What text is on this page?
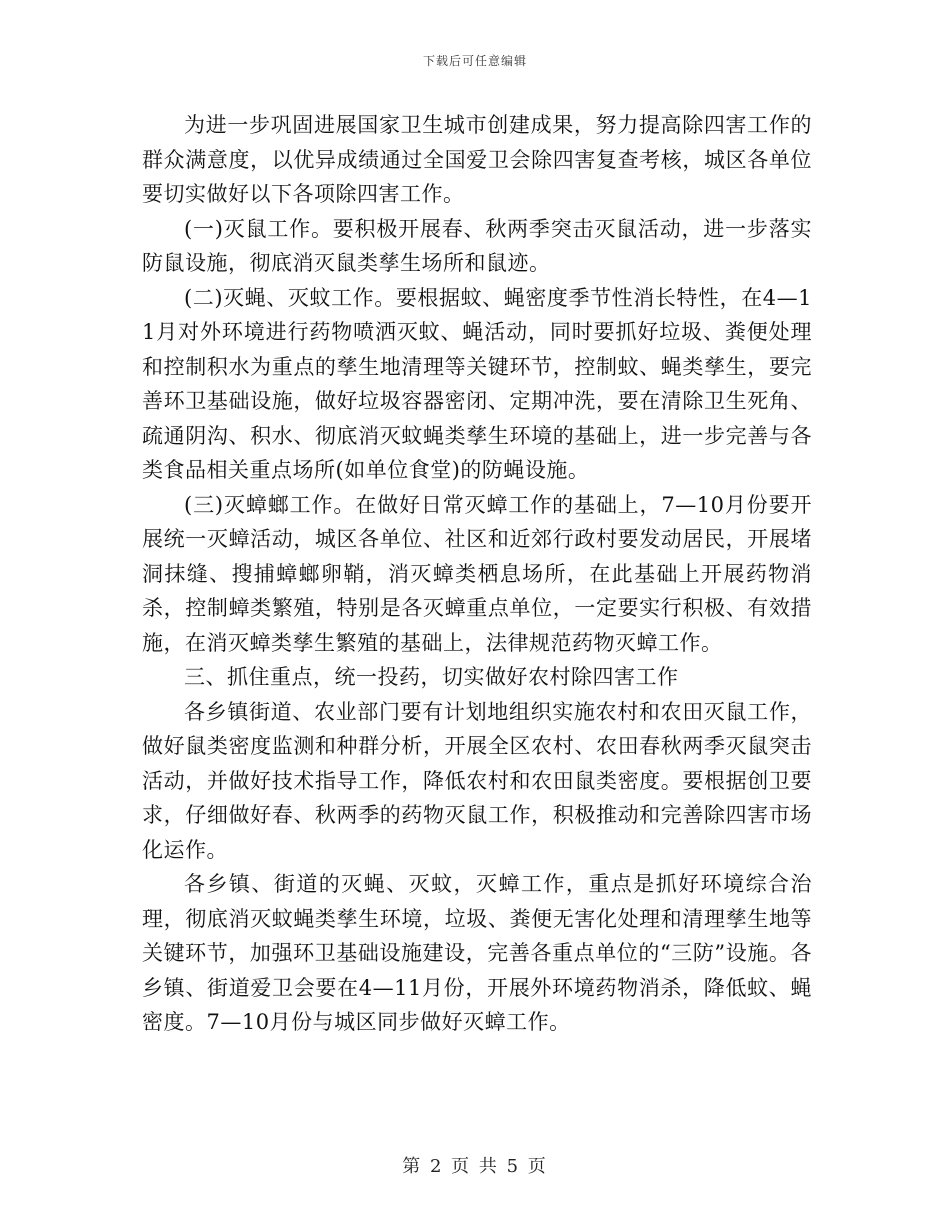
下载后可任意编辑

为进一步巩固进展国家卫生城市创建成果，努力提高除四害工作的群众满意度，以优异成绩通过全国爱卫会除四害复查考核，城区各单位要切实做好以下各项除四害工作。

(一)灭鼠工作。要积极开展春、秋两季突击灭鼠活动，进一步落实防鼠设施，彻底消灭鼠类孳生场所和鼠迹。

(二)灭蝇、灭蚊工作。要根据蚊、蝇密度季节性消长特性，在4—11月对外环境进行药物喷洒灭蚊、蝇活动，同时要抓好垃圾、粪便处理和控制积水为重点的孳生地清理等关键环节，控制蚊、蝇类孳生，要完善环卫基础设施，做好垃圾容器密闭、定期冲洗，要在清除卫生死角、疏通阴沟、积水、彻底消灭蚊蝇类孳生环境的基础上，进一步完善与各类食品相关重点场所(如单位食堂)的防蝇设施。

(三)灭蟑螂工作。在做好日常灭蟑工作的基础上，7—10月份要开展统一灭蟑活动，城区各单位、社区和近郊行政村要发动居民，开展堵洞抹缝、搜捕蟑螂卵鞘，消灭蟑类栖息场所，在此基础上开展药物消杀，控制蟑类繁殖，特别是各灭蟑重点单位，一定要实行积极、有效措施，在消灭蟑类孳生繁殖的基础上，法律规范药物灭蟑工作。

三、抓住重点，统一投药，切实做好农村除四害工作

各乡镇街道、农业部门要有计划地组织实施农村和农田灭鼠工作，做好鼠类密度监测和种群分析，开展全区农村、农田春秋两季灭鼠突击活动，并做好技术指导工作，降低农村和农田鼠类密度。要根据创卫要求，仔细做好春、秋两季的药物灭鼠工作，积极推动和完善除四害市场化运作。

各乡镇、街道的灭蝇、灭蚊，灭蟑工作，重点是抓好环境综合治理，彻底消灭蚊蝇类孳生环境，垃圾、粪便无害化处理和清理孳生地等关键环节，加强环卫基础设施建设，完善各重点单位的“三防”设施。各乡镇、街道爱卫会要在4—11月份，开展外环境药物消杀，降低蚊、蝇密度。7—10月份与城区同步做好灭蟑工作。

第 2 页 共 5 页
